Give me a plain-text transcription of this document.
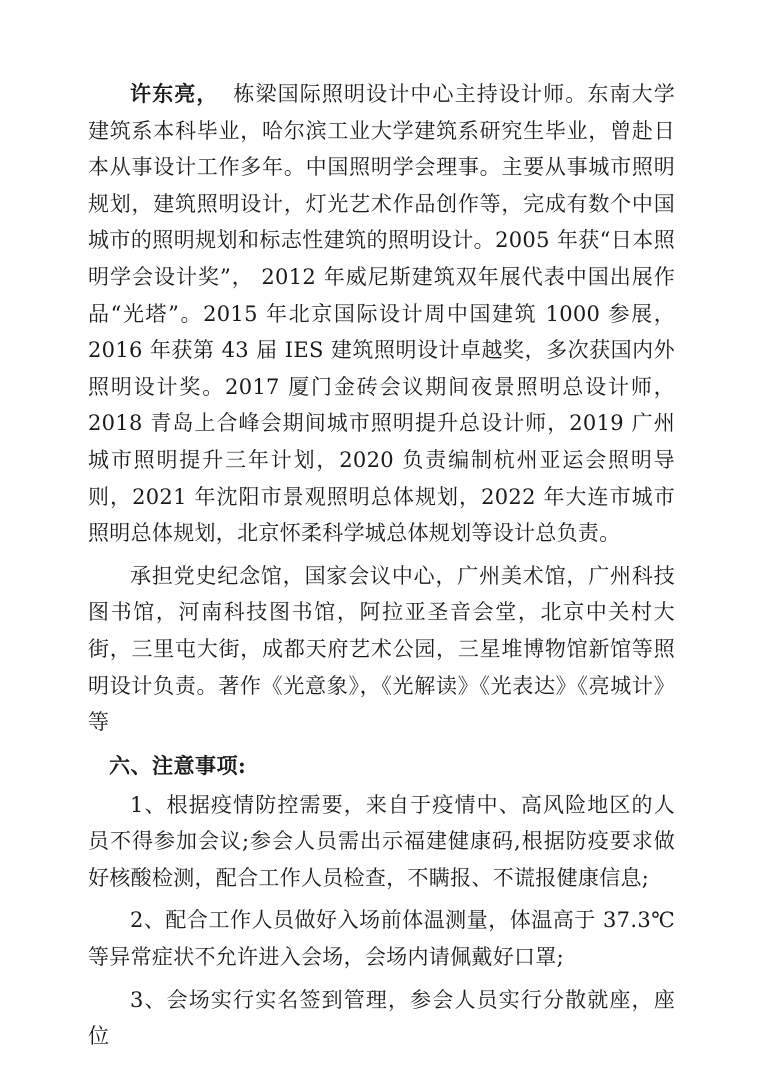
许东亮， 栋梁国际照明设计中心主持设计师。东南大学建筑系本科毕业，哈尔滨工业大学建筑系研究生毕业，曾赴日本从事设计工作多年。中国照明学会理事。主要从事城市照明规划，建筑照明设计，灯光艺术作品创作等，完成有数个中国城市的照明规划和标志性建筑的照明设计。2005 年获“日本照明学会设计奖”， 2012 年威尼斯建筑双年展代表中国出展作品“光塔”。2015 年北京国际设计周中国建筑 1000 参展，2016 年获第 43 届 IES 建筑照明设计卓越奖，多次获国内外照明设计奖。2017 厦门金砖会议期间夜景照明总设计师，2018 青岛上合峰会期间城市照明提升总设计师，2019 广州城市照明提升三年计划，2020 负责编制杭州亚运会照明导则，2021 年沈阳市景观照明总体规划，2022 年大连市城市照明总体规划，北京怀柔科学城总体规划等设计总负责。

承担党史纪念馆，国家会议中心，广州美术馆，广州科技图书馆，河南科技图书馆，阿拉亚圣音会堂，北京中关村大街，三里屯大街，成都天府艺术公园，三星堆博物馆新馆等照明设计负责。著作《光意象》，《光解读》《光表达》《亮城计》等

六、注意事项:

1、根据疫情防控需要，来自于疫情中、高风险地区的人员不得参加会议;参会人员需出示福建健康码,根据防疫要求做好核酸检测，配合工作人员检查，不瞒报、不谎报健康信息;

2、配合工作人员做好入场前体温测量，体温高于 37.3℃等异常症状不允许进入会场，会场内请佩戴好口罩;

3、会场实行实名签到管理，参会人员实行分散就座，座位
